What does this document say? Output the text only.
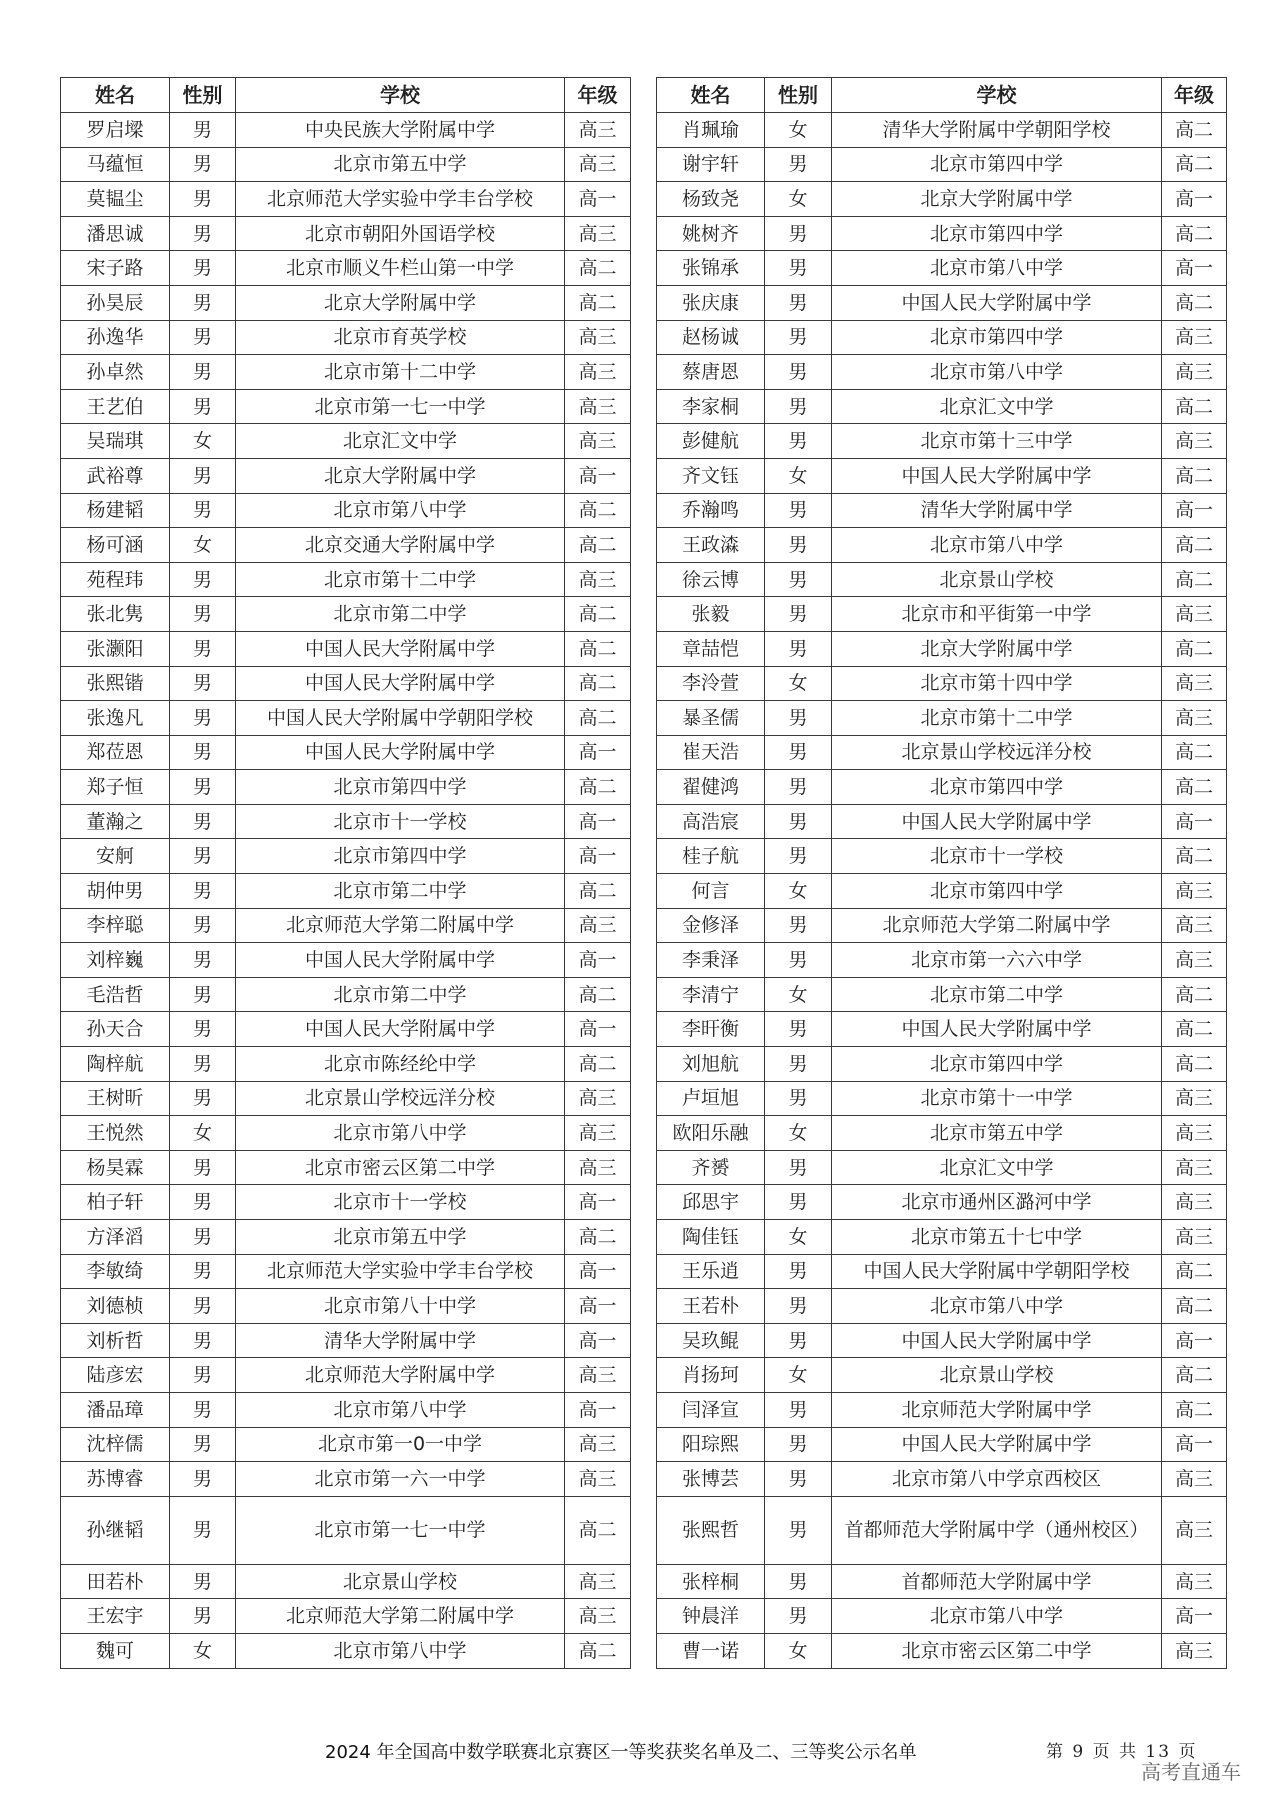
姓名	性别	学校	年级
罗启墚	男	中央民族大学附属中学	高三
马蕴恒	男	北京市第五中学	高三
莫韫尘	男	北京师范大学实验中学丰台学校	高一
潘思诚	男	北京市朝阳外国语学校	高三
宋子路	男	北京市顺义牛栏山第一中学	高二
孙昊辰	男	北京大学附属中学	高二
孙逸华	男	北京市育英学校	高三
孙卓然	男	北京市第十二中学	高三
王艺伯	男	北京市第一七一中学	高三
吴瑞琪	女	北京汇文中学	高三
武裕尊	男	北京大学附属中学	高一
杨建韬	男	北京市第八中学	高二
杨可涵	女	北京交通大学附属中学	高二
苑程玮	男	北京市第十二中学	高三
张北隽	男	北京市第二中学	高二
张灏阳	男	中国人民大学附属中学	高二
张熙锴	男	中国人民大学附属中学	高二
张逸凡	男	中国人民大学附属中学朝阳学校	高二
郑莅恩	男	中国人民大学附属中学	高一
郑子恒	男	北京市第四中学	高二
董瀚之	男	北京市十一学校	高一
安舸	男	北京市第四中学	高一
胡仲男	男	北京市第二中学	高二
李梓聪	男	北京师范大学第二附属中学	高三
刘梓巍	男	中国人民大学附属中学	高一
毛浩哲	男	北京市第二中学	高二
孙天合	男	中国人民大学附属中学	高一
陶梓航	男	北京市陈经纶中学	高二
王树昕	男	北京景山学校远洋分校	高三
王悦然	女	北京市第八中学	高三
杨昊霖	男	北京市密云区第二中学	高三
柏子轩	男	北京市十一学校	高一
方泽滔	男	北京市第五中学	高二
李敏绮	男	北京师范大学实验中学丰台学校	高一
刘德桢	男	北京市第八十中学	高一
刘析哲	男	清华大学附属中学	高一
陆彦宏	男	北京师范大学附属中学	高三
潘品璋	男	北京市第八中学	高一
沈梓儒	男	北京市第一0一中学	高三
苏博睿	男	北京市第一六一中学	高三
孙继韬	男	北京市第一七一中学	高二
田若朴	男	北京景山学校	高三
王宏宇	男	北京师范大学第二附属中学	高三
魏可	女	北京市第八中学	高二
姓名	性别	学校	年级
肖珮瑜	女	清华大学附属中学朝阳学校	高二
谢宇轩	男	北京市第四中学	高二
杨致尧	女	北京大学附属中学	高一
姚树齐	男	北京市第四中学	高二
张锦承	男	北京市第八中学	高一
张庆康	男	中国人民大学附属中学	高二
赵杨诚	男	北京市第四中学	高三
蔡唐恩	男	北京市第八中学	高三
李家桐	男	北京汇文中学	高二
彭健航	男	北京市第十三中学	高三
齐文钰	女	中国人民大学附属中学	高二
乔瀚鸣	男	清华大学附属中学	高一
王政潹	男	北京市第八中学	高二
徐云博	男	北京景山学校	高二
张毅	男	北京市和平街第一中学	高三
章喆恺	男	北京大学附属中学	高二
李泠萱	女	北京市第十四中学	高三
暴圣儒	男	北京市第十二中学	高三
崔天浩	男	北京景山学校远洋分校	高二
翟健鸿	男	北京市第四中学	高二
高浩宸	男	中国人民大学附属中学	高一
桂子航	男	北京市十一学校	高二
何言	女	北京市第四中学	高三
金修泽	男	北京师范大学第二附属中学	高三
李秉泽	男	北京市第一六六中学	高三
李清宁	女	北京市第二中学	高二
李旰衡	男	中国人民大学附属中学	高二
刘旭航	男	北京市第四中学	高二
卢垣旭	男	北京市第十一中学	高三
欧阳乐融	女	北京市第五中学	高三
齐赟	男	北京汇文中学	高三
邱思宇	男	北京市通州区潞河中学	高三
陶佳钰	女	北京市第五十七中学	高三
王乐逍	男	中国人民大学附属中学朝阳学校	高二
王若朴	男	北京市第八中学	高二
吴玖鲲	男	中国人民大学附属中学	高一
肖扬珂	女	北京景山学校	高二
闫泽宣	男	北京师范大学附属中学	高二
阳琮熙	男	中国人民大学附属中学	高一
张博芸	男	北京市第八中学京西校区	高三
张熙哲	男	首都师范大学附属中学（通州校区）	高三
张梓桐	男	首都师范大学附属中学	高三
钟晨洋	男	北京市第八中学	高一
曹一诺	女	北京市密云区第二中学	高三
2024 年全国高中数学联赛北京赛区一等奖获奖名单及二、三等奖公示名单	第 9 页 共 13 页
高考直通车
